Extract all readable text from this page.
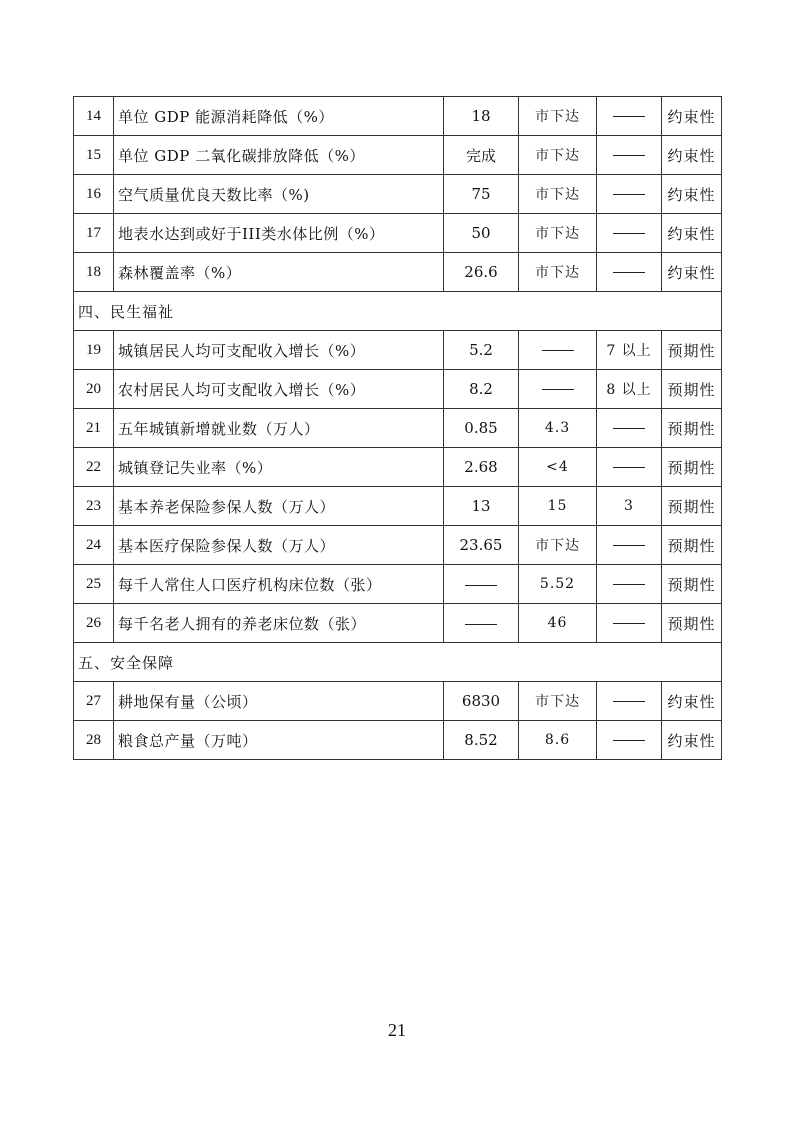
14	单位 GDP 能源消耗降低（%）	18	市下达		约束性
15	单位 GDP 二氧化碳排放降低（%）	完成	市下达		约束性
16	空气质量优良天数比率（%)	75	市下达		约束性
17	地表水达到或好于III类水体比例（%）	50	市下达		约束性
18	森林覆盖率（%）	26.6	市下达		约束性
四、民生福祉					
19	城镇居民人均可支配收入增长（%）	5.2		7 以上	预期性
20	农村居民人均可支配收入增长（%）	8.2		8 以上	预期性
21	五年城镇新增就业数（万人）	0.85	4.3		预期性
22	城镇登记失业率（%）	2.68	<4		预期性
23	基本养老保险参保人数（万人）	13	15	3	预期性
24	基本医疗保险参保人数（万人）	23.65	市下达		预期性
25	每千人常住人口医疗机构床位数（张）		5.52		预期性
26	每千名老人拥有的养老床位数（张）		46		预期性
五、安全保障					
27	耕地保有量（公顷）	6830	市下达		约束性
28	粮食总产量（万吨）	8.52	8.6		约束性
21
